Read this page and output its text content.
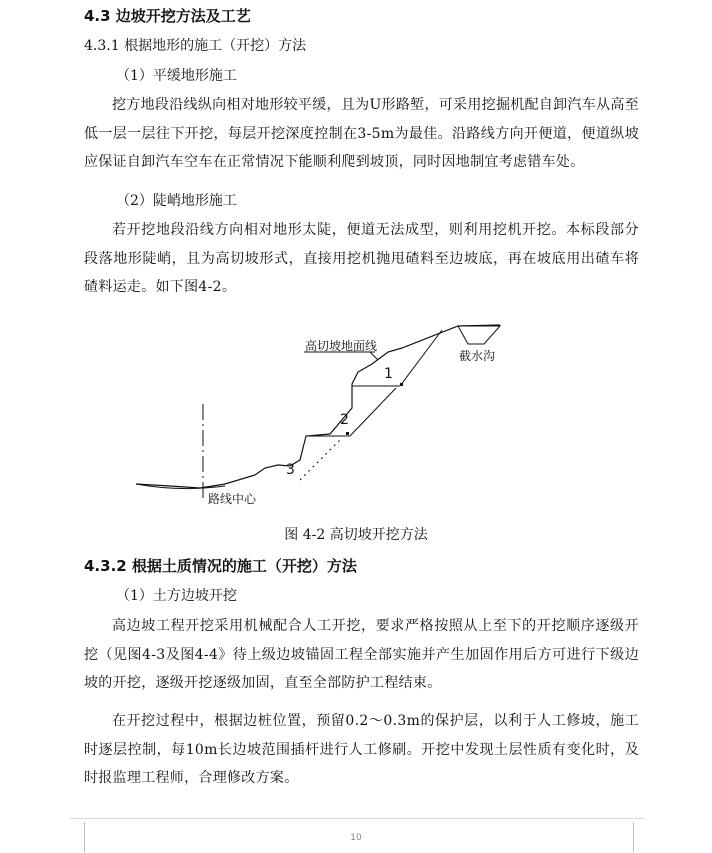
4.3 边坡开挖方法及工艺

4.3.1 根据地形的施工（开挖）方法

（1）平缓地形施工

挖方地段沿线纵向相对地形较平缓，且为U形路堑，可采用挖掘机配自卸汽车从高至低一层一层往下开挖，每层开挖深度控制在3-5m为最佳。沿路线方向开便道，便道纵坡应保证自卸汽车空车在正常情况下能顺利爬到坡顶，同时因地制宜考虑错车处。

（2）陡峭地形施工

若开挖地段沿线方向相对地形太陡，便道无法成型，则利用挖机开挖。本标段部分段落地形陡峭，且为高切坡形式，直接用挖机抛甩碴料至边坡底，再在坡底用出碴车将碴料运走。如下图4-2。

高切坡地面线
截水沟
路线中心
1
2
3

图 4-2 高切坡开挖方法

4.3.2 根据土质情况的施工（开挖）方法

（1）土方边坡开挖

高边坡工程开挖采用机械配合人工开挖，要求严格按照从上至下的开挖顺序逐级开挖（见图4-3及图4-4》待上级边坡锚固工程全部实施并产生加固作用后方可进行下级边坡的开挖，逐级开挖逐级加固，直至全部防护工程结束。

在开挖过程中，根据边桩位置，预留0.2～0.3m的保护层，以利于人工修坡，施工时逐层控制，每10m长边坡范围插杆进行人工修刷。开挖中发现土层性质有变化时，及时报监理工程师，合理修改方案。

10
